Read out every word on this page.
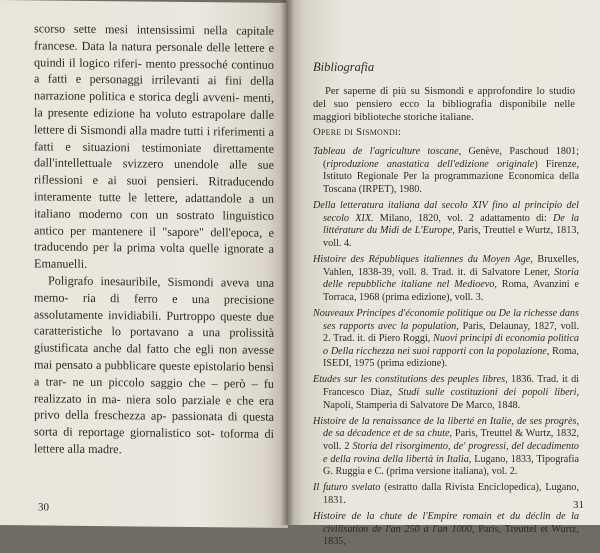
scorso sette mesi intensissimi nella capitale francese. Data la natura personale delle lettere e quindi il logico riferi- mento pressoché continuo a fatti e personaggi irrilevanti ai fini della narrazione politica e storica degli avveni- menti, la presente edizione ha voluto estrapolare dalle lettere di Sismondi alla madre tutti i riferimenti a fatti e situazioni testimoniate direttamente dall'intellettuale svizzero unendole alle sue riflessioni e ai suoi pensieri. Ritraducendo interamente tutte le lettere, adattandole a un italiano moderno con un sostrato linguistico antico per mantenere il "sapore" dell'epoca, e traducendo per la prima volta quelle ignorate a Emanuelli.

Poligrafo inesauribile, Sismondi aveva una memo- ria di ferro e una precisione assolutamente invidiabili. Purtroppo queste due caratteristiche lo portavano a una prolissità giustificata anche dal fatto che egli non avesse mai pensato a pubblicare queste epistolario bensì a trar- ne un piccolo saggio che – però – fu realizzato in ma- niera solo parziale e che era privo della freschezza ap- passionata di questa sorta di reportage giornalistico sot- toforma di lettere alla madre.

30
Bibliografia

Per saperne di più su Sismondi e approfondire lo studio del suo pensiero ecco la bibliografia disponibile nelle maggiori biblioteche storiche italiane.

Opere di Sismondi:

Tableau de l'agriculture toscane, Genève, Paschoud 1801; (riproduzione anastatica dell'edizione originale) Firenze, Istituto Regionale Per la programmazione Economica della Toscana (IRPET), 1980.

Della letteratura italiana dal secolo XIV fino al principio del secolo XIX. Milano, 1820, vol. 2 adattamento di: De la littérature du Midi de L'Europe, Paris, Treuttel e Wurtz, 1813, voll. 4.

Histoire des Républiques italiennes du Moyen Age, Bruxelles, Vahlen, 1838-39, voll. 8. Trad. it. di Salvatore Lener, Storia delle repubbliche italiane nel Medioevo, Roma, Avanzini e Torraca, 1968 (prima edizione), voll. 3.

Nouveaux Principes d'économie politique ou De la richesse dans ses rapports avec la population, Paris, Delaunay, 1827, voll. 2. Trad. it. di Piero Roggi, Nuovi principi di economia politica o Della ricchezza nei suoi rapporti con la popolazione, Roma, ISEDI, 1975 (prima edizione).

Etudes sur les constitutions des peuples libres, 1836. Trad. it di Francesco Diaz, Studi sulle costituzioni dei popoli liberi, Napoli, Stamperia di Salvatore De Marco, 1848.

Histoire de la renaissance de la liberté en Italie, de ses progrès, de sa décadence et de sa chute, Paris, Treuttel & Wurtz, 1832, voll. 2 Storia del risorgimento, de' progressi, del decadimento e della rovina della libertà in Italia, Lugano, 1833, Tipografia G. Ruggia e C. (prima versione italiana), vol. 2.

Il futuro svelato (estratto dalla Rivista Enciclopedica), Lugano, 1831.

Histoire de la chute de l'Empire romain et du déclin de la civilisation de l'an 250 à l'an 1000, Paris, Treuttel et Wurtz, 1835,

31
